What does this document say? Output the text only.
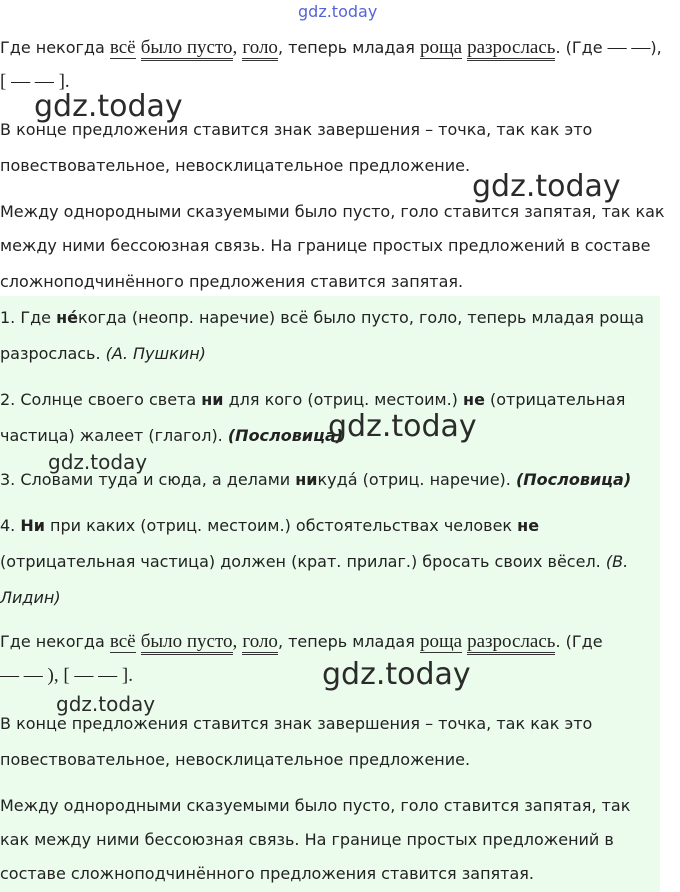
gdz.today
Где некогда всё было пусто, голо, теперь младая роща разрослась. (Где — —),
[ — — ].
gdz.today
В конце предложения ставится знак завершения – точка, так как это
повествовательное, невосклицательное предложение.
gdz.today
Между однородными сказуемыми было пусто, голо ставится запятая, так как
между ними бессоюзная связь. На границе простых предложений в составе
сложноподчинённого предложения ставится запятая.
1. Где не́когда (неопр. наречие) всё было пусто, голо, теперь младая роща
разрослась. (А. Пушкин)
2. Солнце своего света ни для кого (отриц. местоим.) не (отрицательная
частица) жалеет (глагол). (Пословица)
gdz.today
gdz.today
3. Словами туда и сюда, а делами никуда́ (отриц. наречие). (Пословица)
4. Ни при каких (отриц. местоим.) обстоятельствах человек не
(отрицательная частица) должен (крат. прилаг.) бросать своих вёсел. (В.
Лидин)
Где некогда всё было пусто, голо, теперь младая роща разрослась. (Где
— — ), [ — — ].	gdz.today
gdz.today
В конце предложения ставится знак завершения – точка, так как это
повествовательное, невосклицательное предложение.
Между однородными сказуемыми было пусто, голо ставится запятая, так
как между ними бессоюзная связь. На границе простых предложений в
составе сложноподчинённого предложения ставится запятая.
